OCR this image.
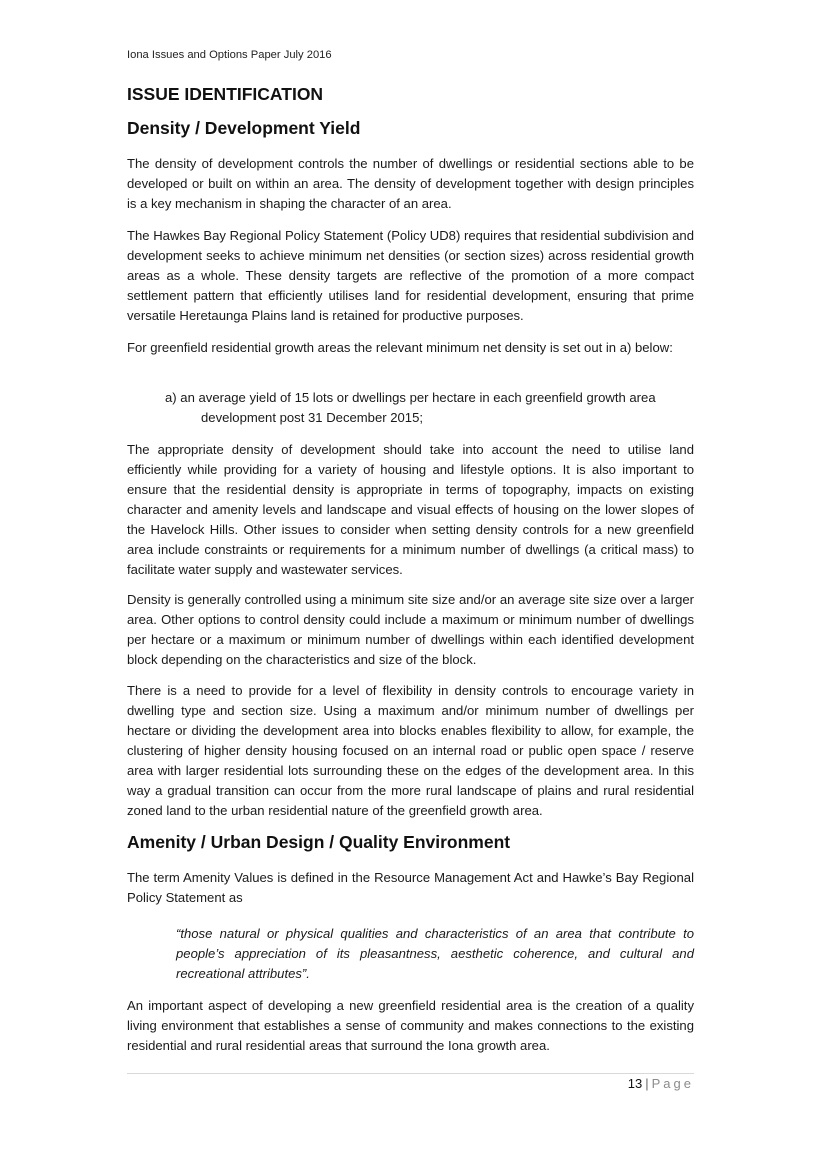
Iona Issues and Options Paper July 2016
ISSUE IDENTIFICATION
Density / Development Yield

The density of development controls the number of dwellings or residential sections able to be developed or built on within an area. The density of development together with design principles is a key mechanism in shaping the character of an area.

The Hawkes Bay Regional Policy Statement (Policy UD8) requires that residential subdivision and development seeks to achieve minimum net densities (or section sizes) across residential growth areas as a whole. These density targets are reflective of the promotion of a more compact settlement pattern that efficiently utilises land for residential development, ensuring that prime versatile Heretaunga Plains land is retained for productive purposes.

For greenfield residential growth areas the relevant minimum net density is set out in a) below:

a) an average yield of 15 lots or dwellings per hectare in each greenfield growth area
development post 31 December 2015;

The appropriate density of development should take into account the need to utilise land efficiently while providing for a variety of housing and lifestyle options. It is also important to ensure that the residential density is appropriate in terms of topography, impacts on existing character and amenity levels and landscape and visual effects of housing on the lower slopes of the Havelock Hills. Other issues to consider when setting density controls for a new greenfield area include constraints or requirements for a minimum number of dwellings (a critical mass) to facilitate water supply and wastewater services.

Density is generally controlled using a minimum site size and/or an average site size over a larger area. Other options to control density could include a maximum or minimum number of dwellings per hectare or a maximum or minimum number of dwellings within each identified development block depending on the characteristics and size of the block.

There is a need to provide for a level of flexibility in density controls to encourage variety in dwelling type and section size. Using a maximum and/or minimum number of dwellings per hectare or dividing the development area into blocks enables flexibility to allow, for example, the clustering of higher density housing focused on an internal road or public open space / reserve area with larger residential lots surrounding these on the edges of the development area. In this way a gradual transition can occur from the more rural landscape of plains and rural residential zoned land to the urban residential nature of the greenfield growth area.

Amenity / Urban Design / Quality Environment

The term Amenity Values is defined in the Resource Management Act and Hawke’s Bay Regional Policy Statement as

“those natural or physical qualities and characteristics of an area that contribute to people’s appreciation of its pleasantness, aesthetic coherence, and cultural and recreational attributes”.

An important aspect of developing a new greenfield residential area is the creation of a quality living environment that establishes a sense of community and makes connections to the existing residential and rural residential areas that surround the Iona growth area.

13 | Page
